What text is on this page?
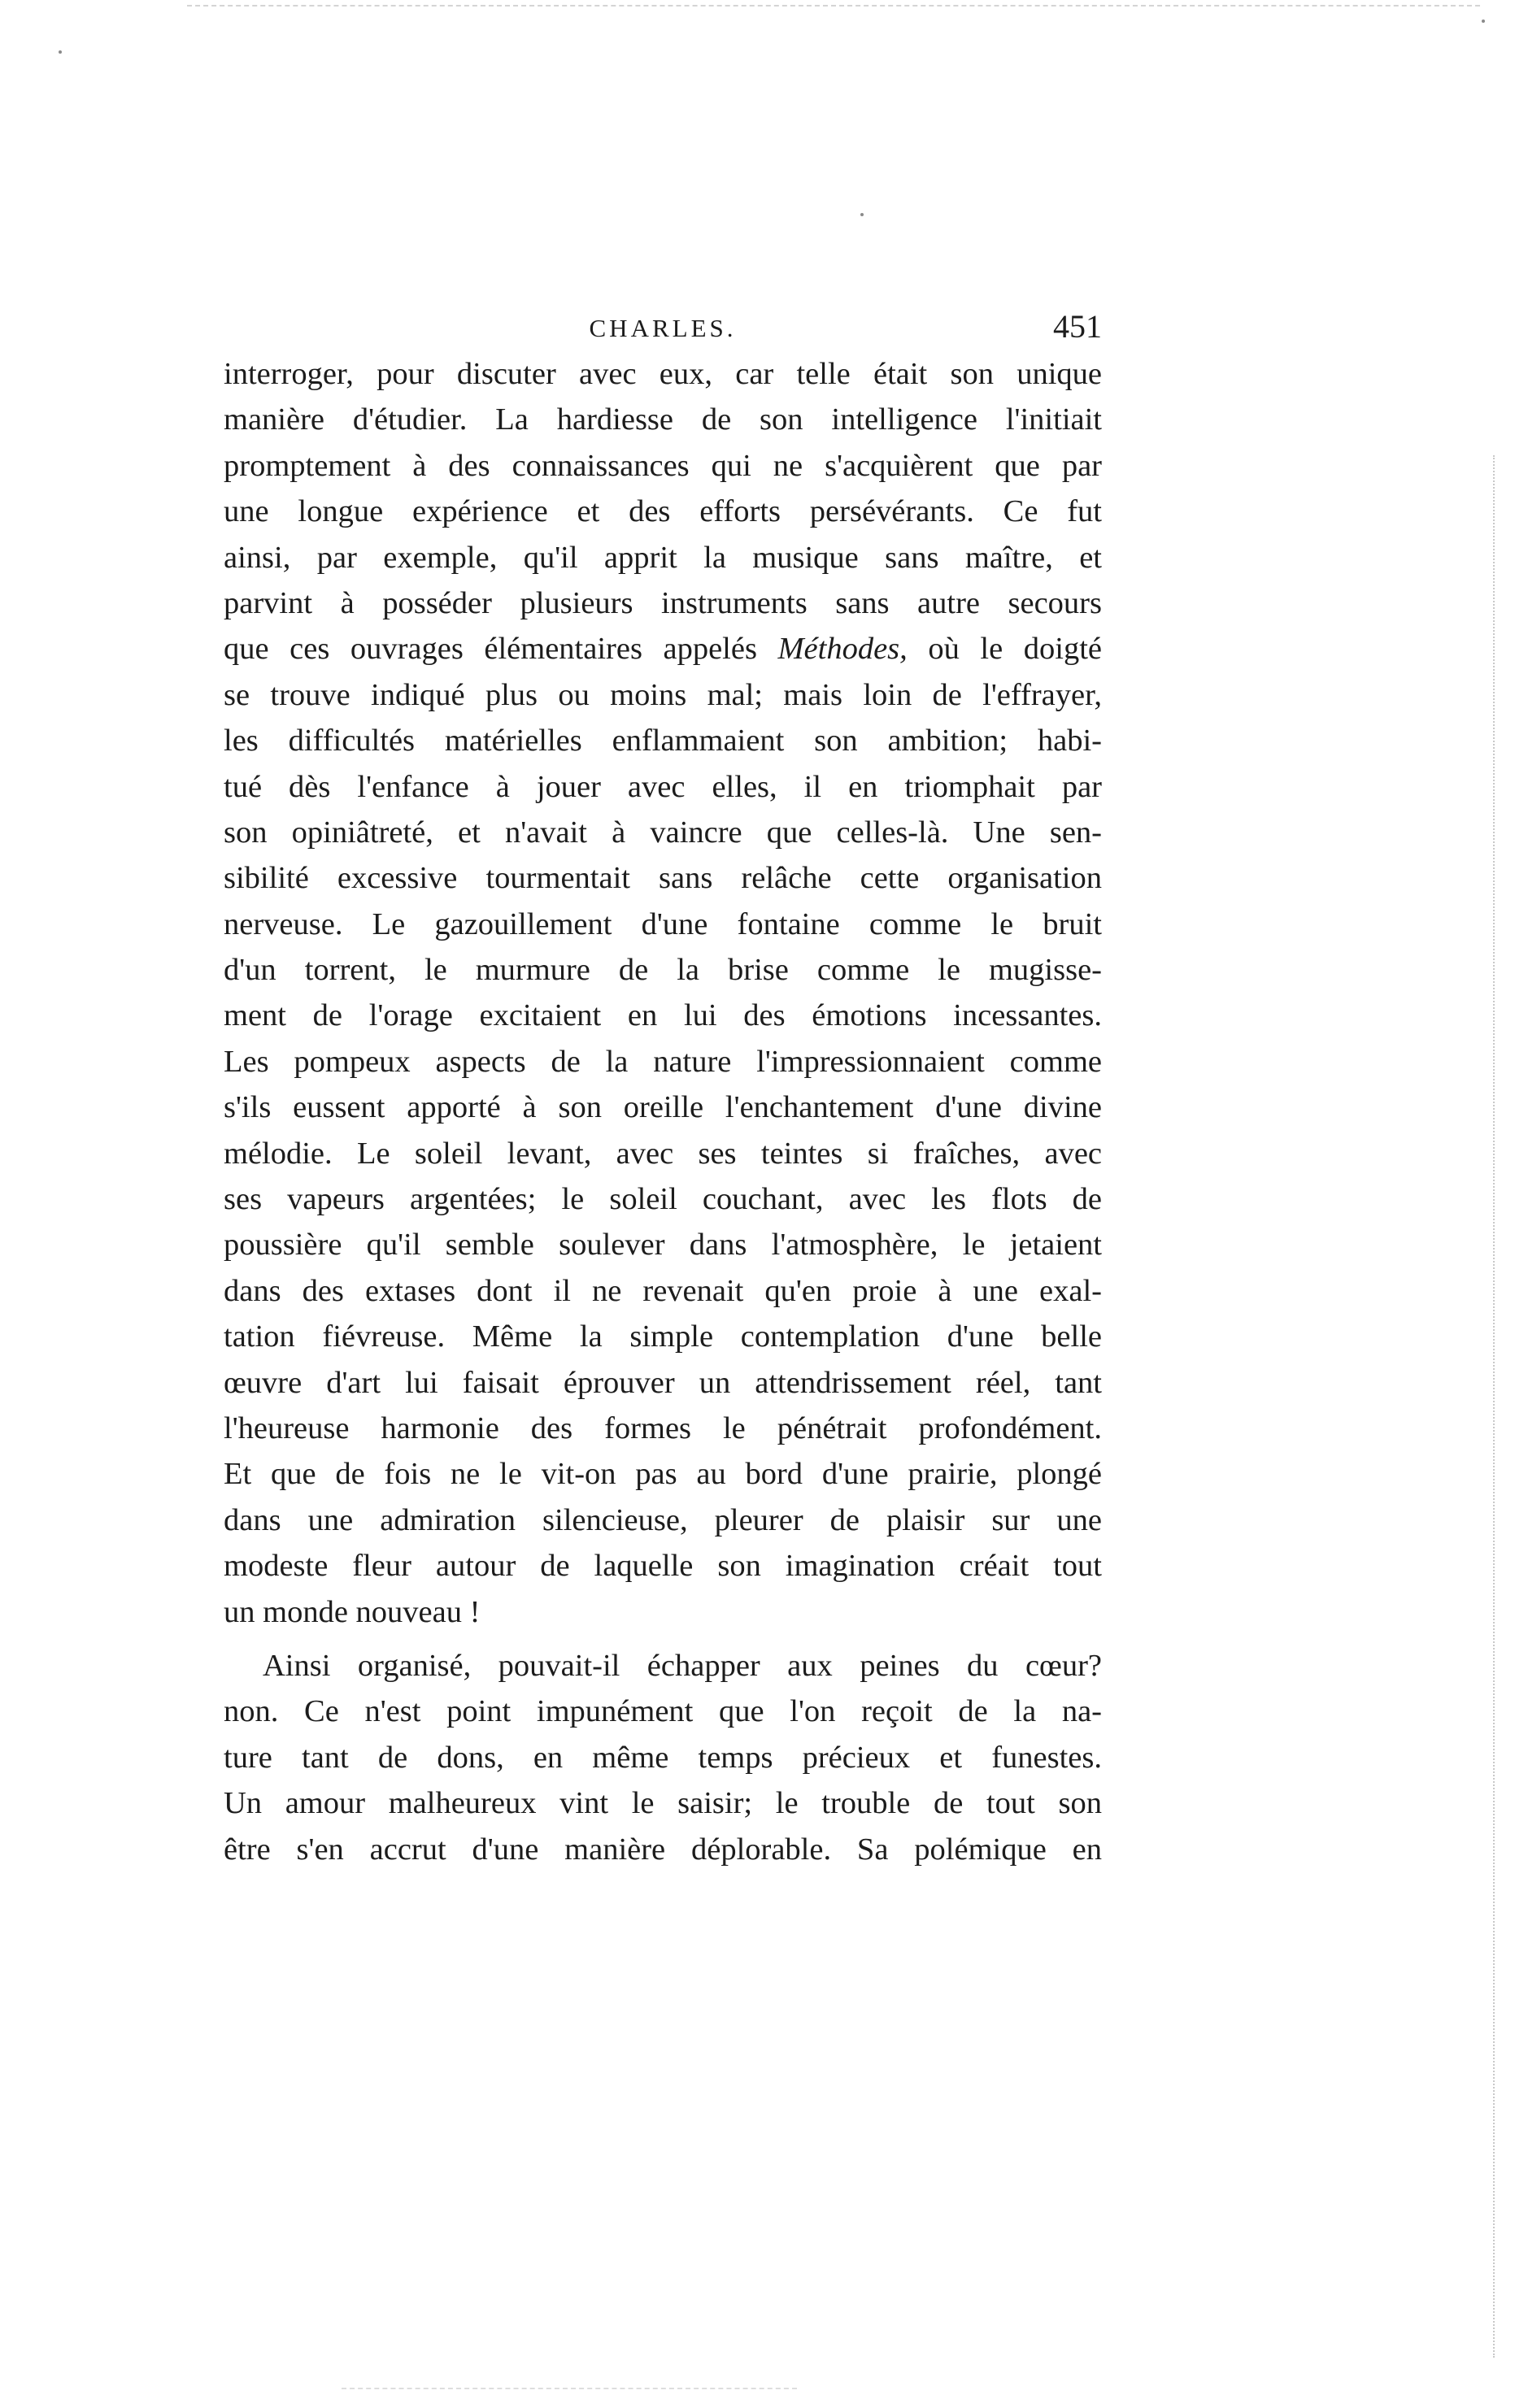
CHARLES.	451
interroger, pour discuter avec eux, car telle était son unique
manière d'étudier. La hardiesse de son intelligence l'initiait
promptement à des connaissances qui ne s'acquièrent que par
une longue expérience et des efforts persévérants. Ce fut
ainsi, par exemple, qu'il apprit la musique sans maître, et
parvint à posséder plusieurs instruments sans autre secours
que ces ouvrages élémentaires appelés Méthodes, où le doigté
se trouve indiqué plus ou moins mal; mais loin de l'effrayer,
les difficultés matérielles enflammaient son ambition; habi-
tué dès l'enfance à jouer avec elles, il en triomphait par
son opiniâtreté, et n'avait à vaincre que celles-là. Une sen-
sibilité excessive tourmentait sans relâche cette organisation
nerveuse. Le gazouillement d'une fontaine comme le bruit
d'un torrent, le murmure de la brise comme le mugisse-
ment de l'orage excitaient en lui des émotions incessantes.
Les pompeux aspects de la nature l'impressionnaient comme
s'ils eussent apporté à son oreille l'enchantement d'une divine
mélodie. Le soleil levant, avec ses teintes si fraîches, avec
ses vapeurs argentées; le soleil couchant, avec les flots de
poussière qu'il semble soulever dans l'atmosphère, le jetaient
dans des extases dont il ne revenait qu'en proie à une exal-
tation fiévreuse. Même la simple contemplation d'une belle
œuvre d'art lui faisait éprouver un attendrissement réel, tant
l'heureuse harmonie des formes le pénétrait profondément.
Et que de fois ne le vit-on pas au bord d'une prairie, plongé
dans une admiration silencieuse, pleurer de plaisir sur une
modeste fleur autour de laquelle son imagination créait tout
un monde nouveau !
Ainsi organisé, pouvait-il échapper aux peines du cœur?
non. Ce n'est point impunément que l'on reçoit de la na-
ture tant de dons, en même temps précieux et funestes.
Un amour malheureux vint le saisir; le trouble de tout son
être s'en accrut d'une manière déplorable. Sa polémique en
